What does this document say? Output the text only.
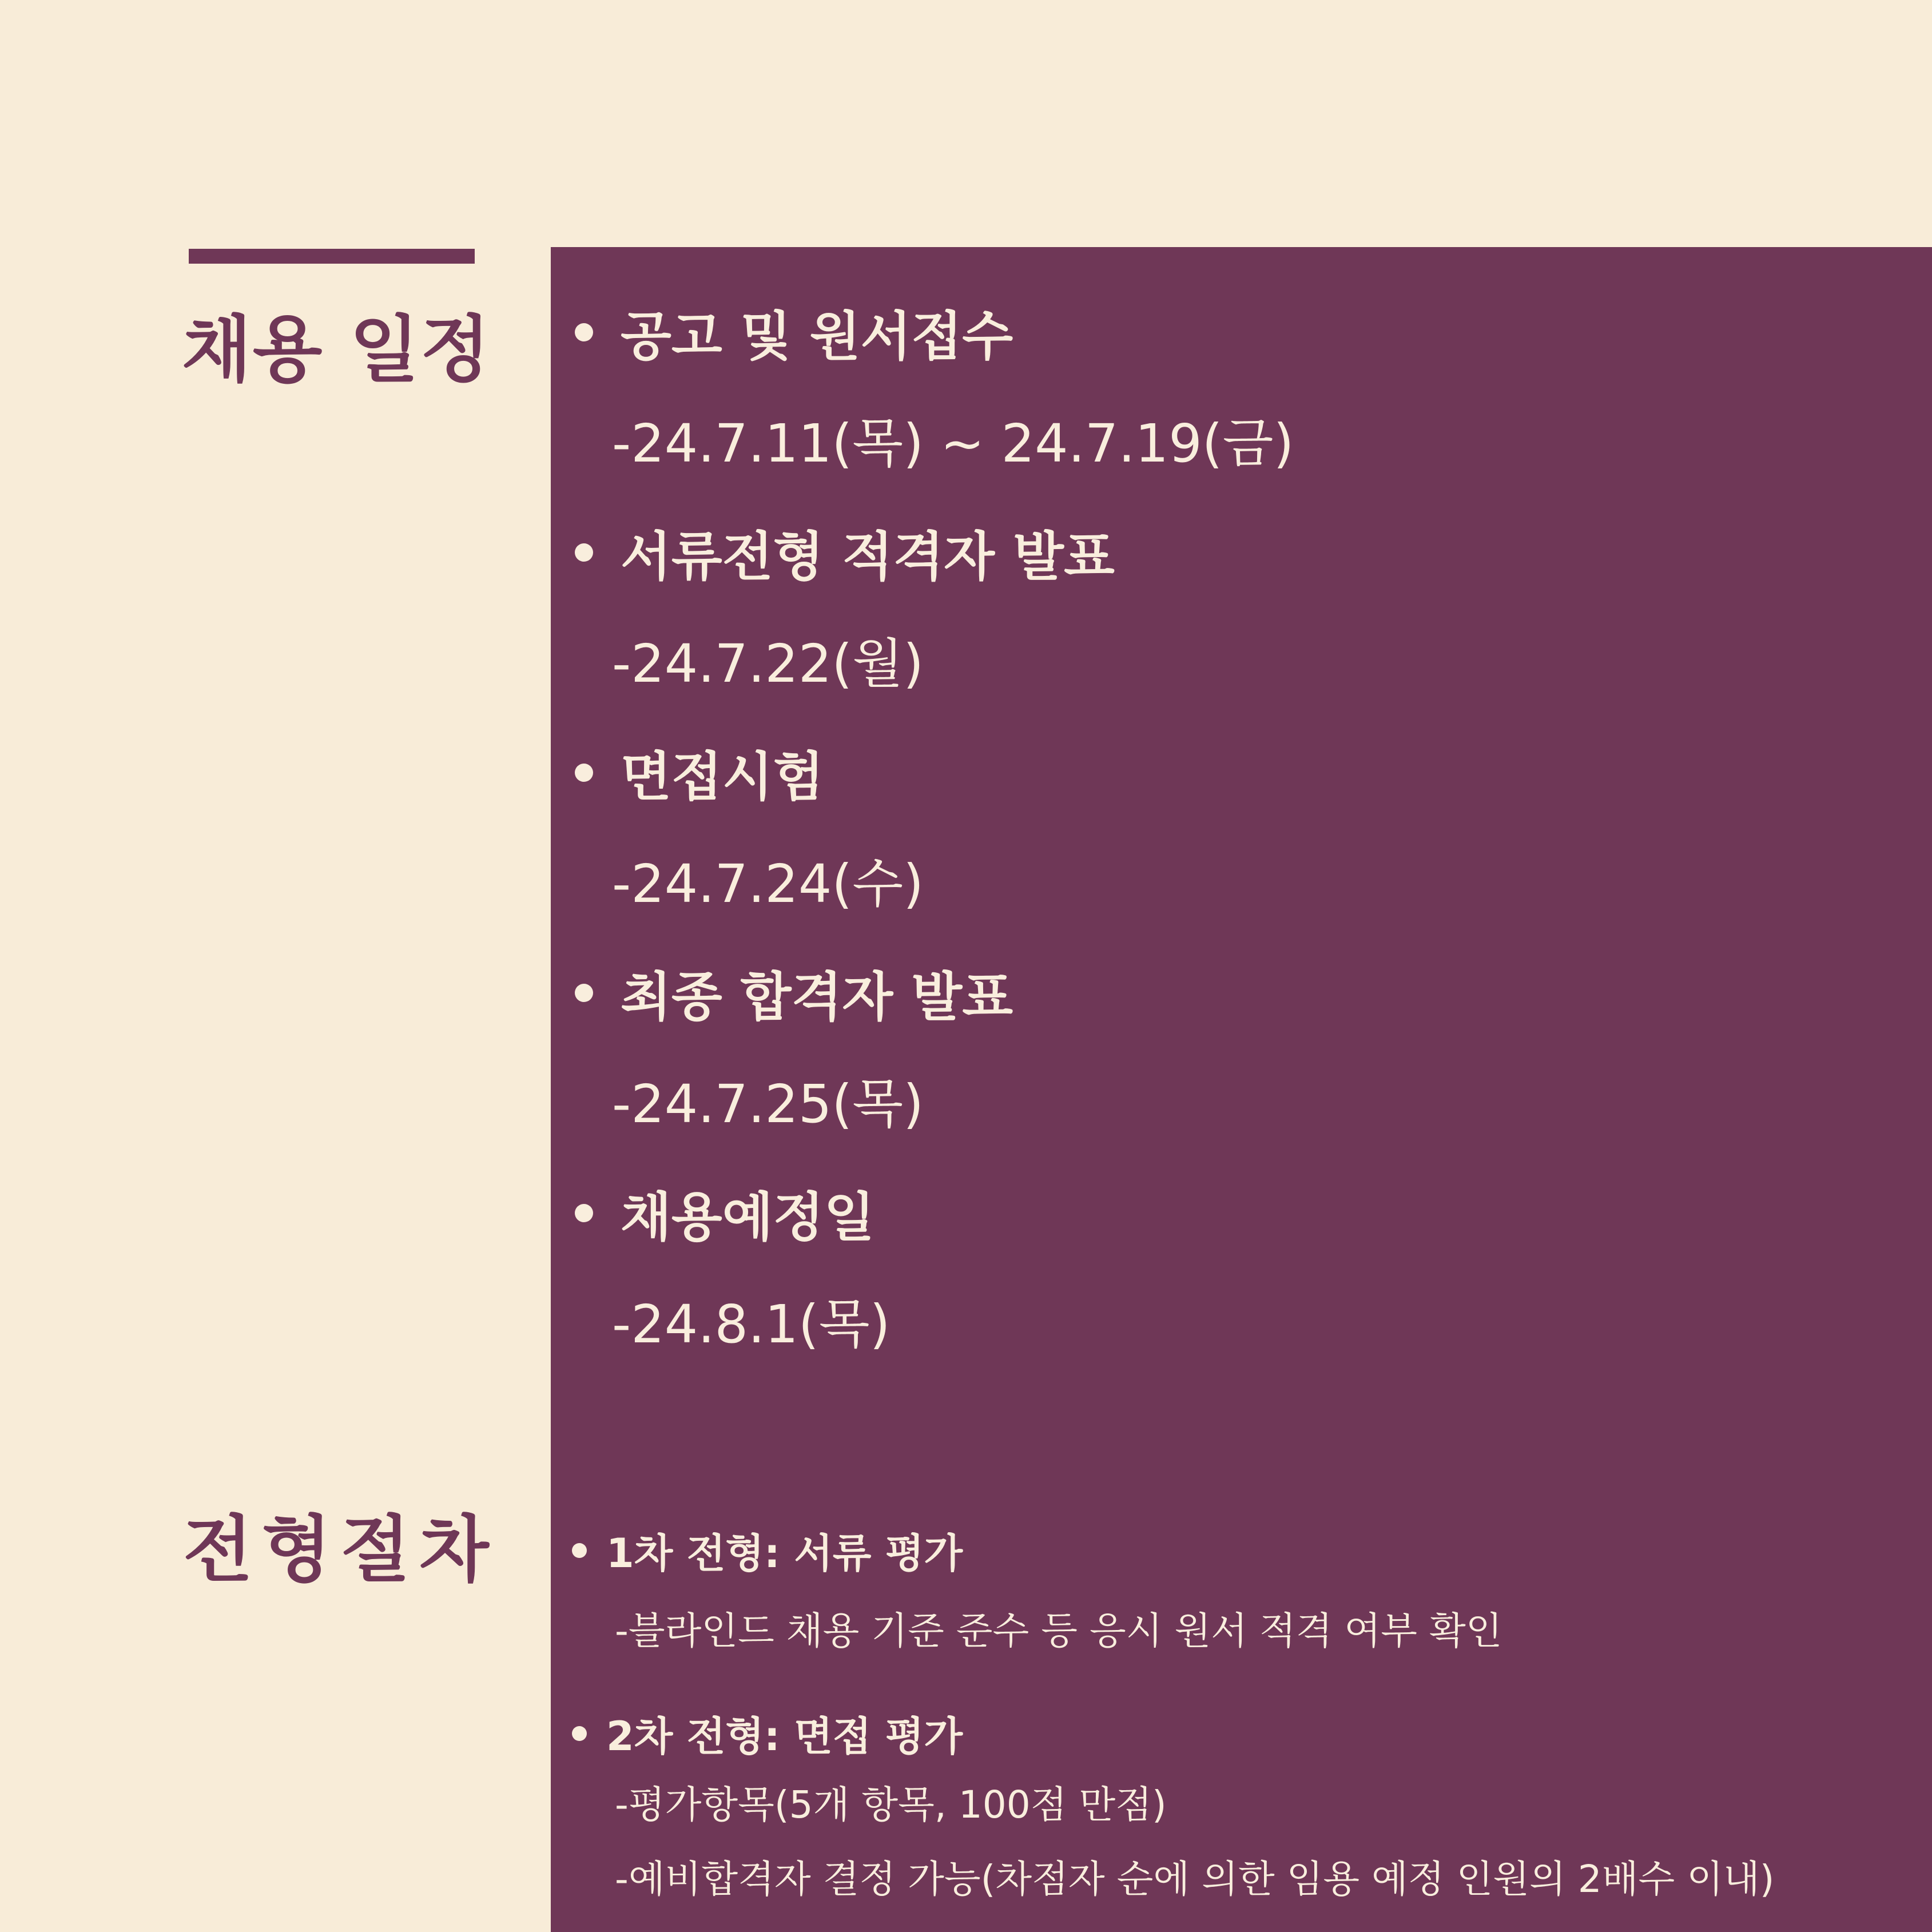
채용 일정
전형절차
공고 및 원서접수
-24.7.11(목) ~ 24.7.19(금)
서류전형 적격자 발표
-24.7.22(월)
면접시험
-24.7.24(수)
최종 합격자 발표
-24.7.25(목)
채용예정일
-24.8.1(목)
1차 전형: 서류 평가
-블라인드 채용 기준 준수 등 응시 원서 적격 여부 확인
2차 전형: 면접 평가
-평가항목(5개 항목, 100점 만점)
-예비합격자 결정 가능(차점자 순에 의한 임용 예정 인원의 2배수 이내)
